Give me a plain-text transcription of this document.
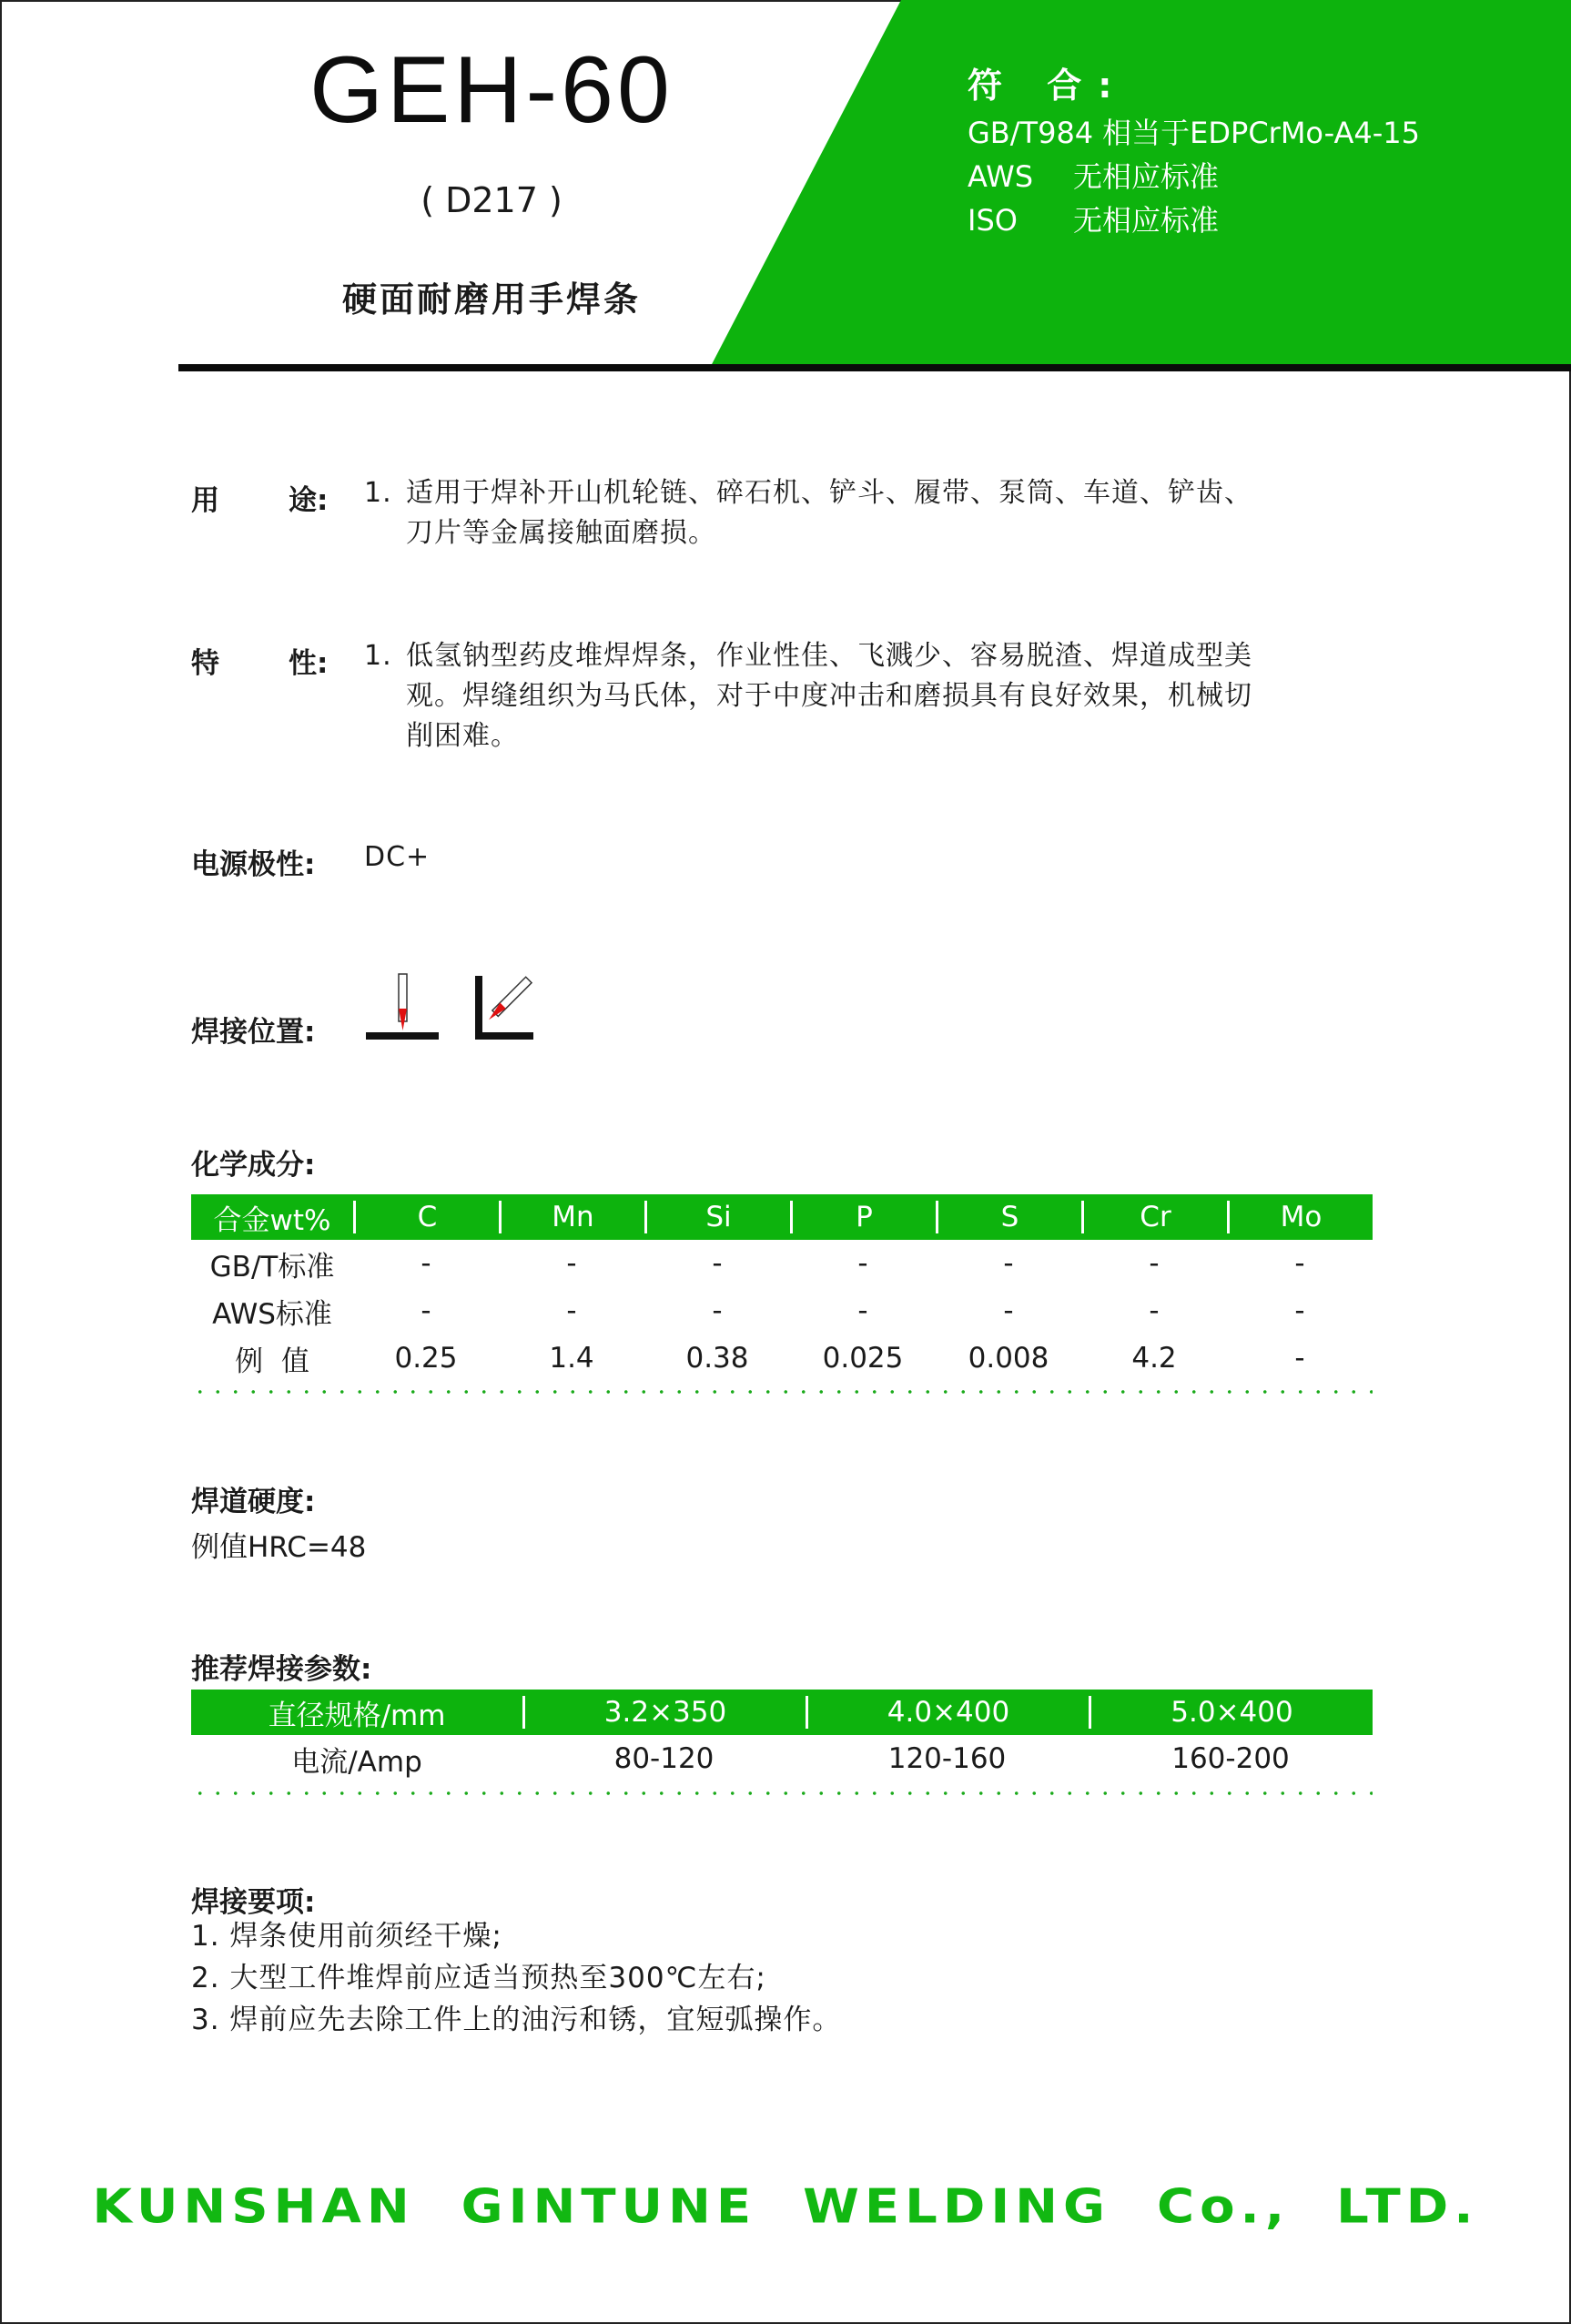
GEH-60
( D217 )
硬面耐磨用手焊条
符 合:
GB/T984 相当于EDPCrMo-A4-15
AWS	无相应标准
ISO	无相应标准
用 途: 1. 适用于焊补开山机轮链、碎石机、铲斗、履带、泵筒、车道、铲齿、
刀片等金属接触面磨损。
特 性: 1. 低氢钠型药皮堆焊焊条，作业性佳、飞溅少、容易脱渣、焊道成型美
观。焊缝组织为马氏体，对于中度冲击和磨损具有良好效果，机械切
削困难。
电源极性: DC+
焊接位置:
化学成分:
合金wt%	C	Mn	Si	P	S	Cr	Mo
GB/T标准	-	-	-	-	-	-	-
AWS标准	-	-	-	-	-	-	-
例  值	0.25	1.4	0.38	0.025	0.008	4.2	-
焊道硬度:
例值HRC=48
推荐焊接参数:
直径规格/mm	3.2×350	4.0×400	5.0×400
电流/Amp	80-120	120-160	160-200
焊接要项:
1. 焊条使用前须经干燥;
2. 大型工件堆焊前应适当预热至300℃左右;
3. 焊前应先去除工件上的油污和锈，宜短弧操作。
KUNSHAN  GINTUNE  WELDING  Co.,  LTD.
